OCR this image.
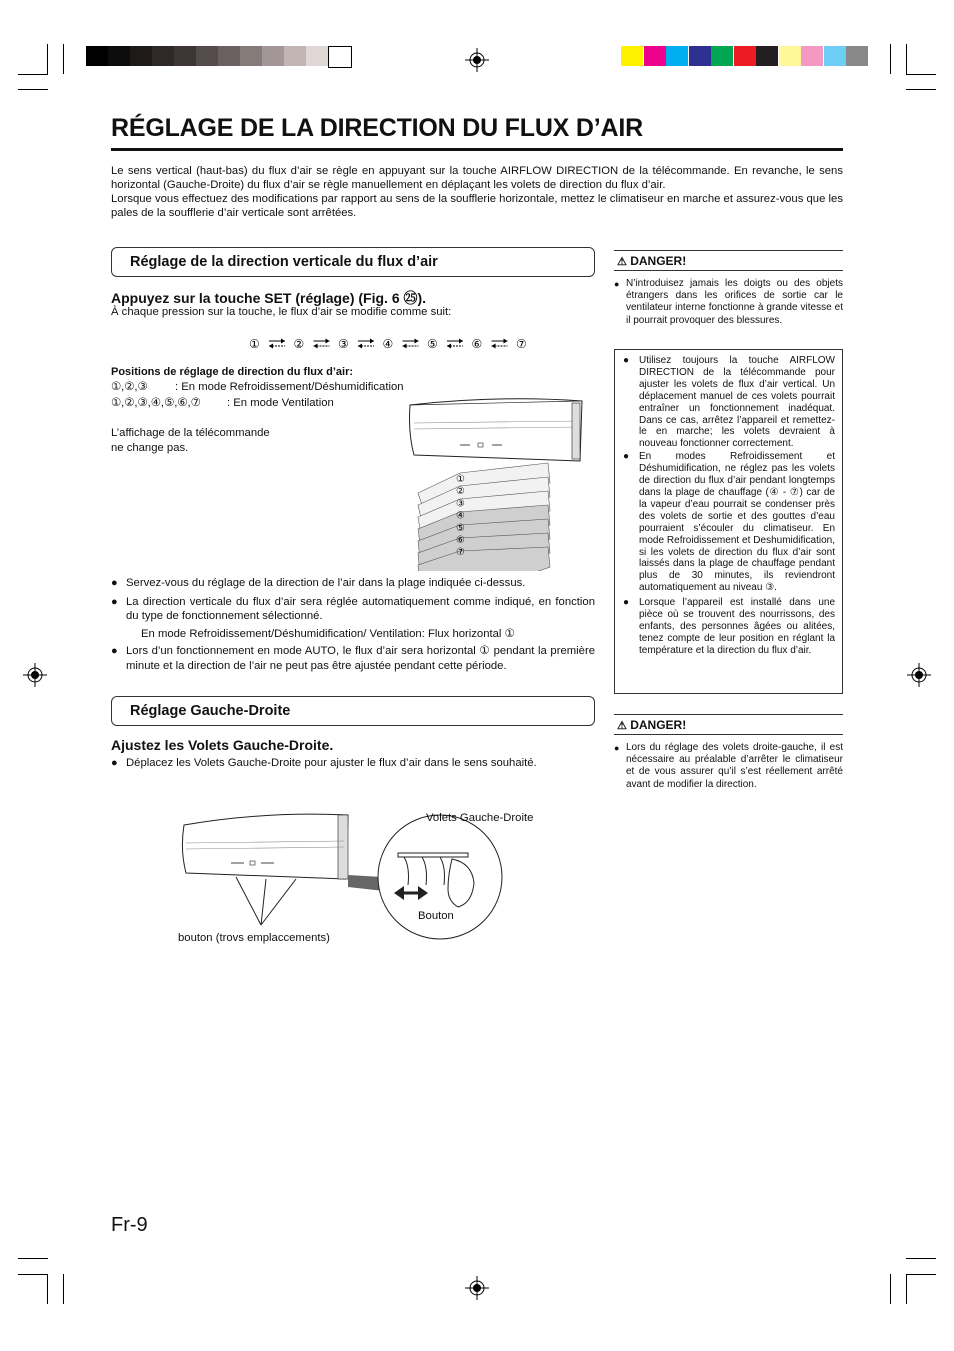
RÉGLAGE DE LA DIRECTION DU FLUX D’AIR

Le sens vertical (haut-bas) du flux d’air se règle en appuyant sur la touche AIRFLOW DIRECTION de la télécommande. En revanche, le sens horizontal (Gauche-Droite) du flux d’air se règle manuellement en déplaçant les volets de direction du flux d’air.

Lorsque vous effectuez des modifications par rapport au sens de la soufflerie horizontale, mettez le climatiseur en marche et assurez-vous que les pales de la soufflerie d’air verticale sont arrêtées.

Réglage de la direction verticale du flux d’air
Appuyez sur la touche SET (réglage) (Fig. 6 ㉕).
À chaque pression sur la touche, le flux d’air se modifie comme suit:
①	②	③	④	⑤	⑥	⑦
Positions de réglage de direction du flux d’air:
①,②,③ : En mode Refroidissement/Déshumidification
①,②,③,④,⑤,⑥,⑦ : En mode Ventilation
L’affichage de la télécommande
ne change pas.
①
②
③
④
⑤
⑥
⑦
● Servez-vous du réglage de la direction de l’air dans la plage indiquée ci-dessus.
● La direction verticale du flux d’air sera réglée automatiquement comme indiqué, en fonction du type de fonctionnement sélectionné.
En mode Refroidissement/Déshumidification/ Ventilation: Flux horizontal ①
● Lors d’un fonctionnement en mode AUTO, le flux d’air sera horizontal ① pendant la première minute et la direction de l’air ne peut pas être ajustée pendant cette période.
Réglage Gauche-Droite
Ajustez les Volets Gauche-Droite.
● Déplacez les Volets Gauche-Droite pour ajuster le flux d’air dans le sens souhaité.
Volets Gauche-Droite
Bouton
bouton (trovs emplaccements)
⚠ DANGER!
● N’introduisez jamais les doigts ou des objets étrangers dans les orifices de sortie car le ventilateur interne fonctionne à grande vitesse et il pourrait provoquer des blessures.
● Utilisez toujours la touche AIRFLOW DIRECTION de la télécommande pour ajuster les volets de flux d’air vertical. Un déplacement manuel de ces volets pourrait entraîner un fonctionnement inadéquat. Dans ce cas, arrêtez l’appareil et remettez-le en marche; les volets devraient à nouveau fonctionner correctement.
● En modes Refroidissement et Déshumidification, ne réglez pas les volets de direction du flux d’air pendant longtemps dans la plage de chauffage (④ - ⑦) car de la vapeur d’eau pourrait se condenser près des volets de sortie et des gouttes d’eau pourraient s’écouler du climatiseur. En mode Refroidissement et Deshumidification, si les volets de direction du flux d’air sont laissés dans la plage de chauffage pendant plus de 30 minutes, ils reviendront automatiquement au niveau ③.
● Lorsque l’appareil est installé dans une pièce où se trouvent des nourrissons, des enfants, des personnes âgées ou alitées, tenez compte de leur position en réglant la température et la direction du flux d’air.
⚠ DANGER!
● Lors du réglage des volets droite-gauche, il est nécessaire au préalable d’arrêter le climatiseur et de vous assurer qu’il s’est réellement arrêté avant de modifier la direction.
Fr-9
